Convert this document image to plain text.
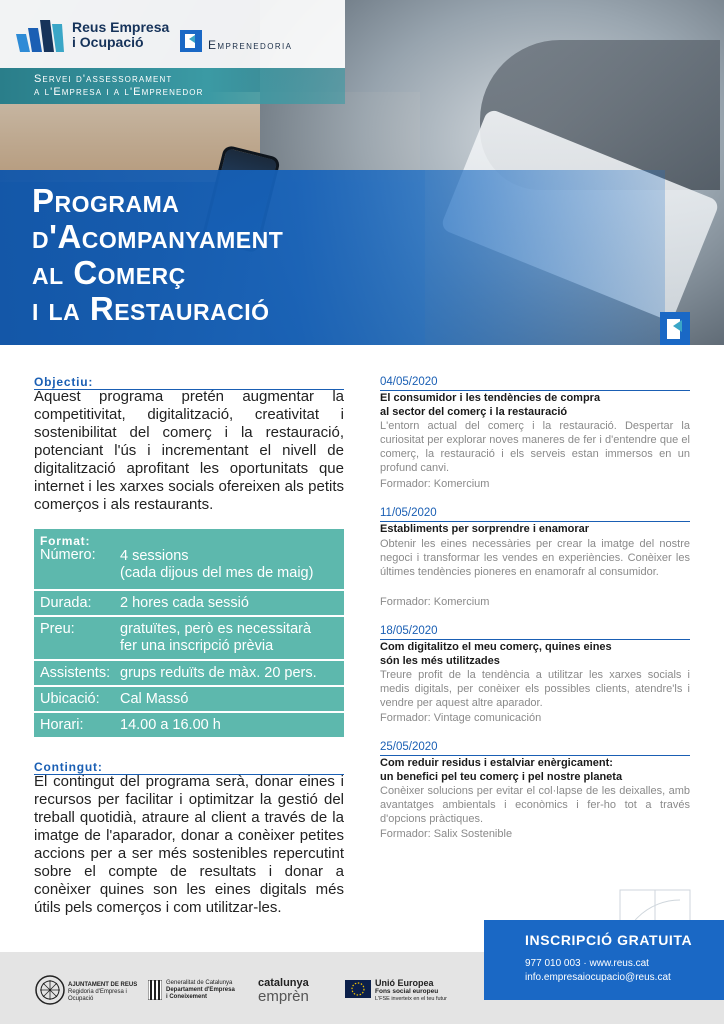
Reus Empresa
i Ocupació	Emprenedoria
Servei d'assessorament
a l'Empresa i a l'Emprenedor
Programa
d'Acompanyament
al Comerç
i la Restauració
Objectiu:
Aquest programa pretén augmentar la competitivitat, digitalització, creativitat i sostenibilitat del comerç i la restauració, potenciant l'ús i incrementant el nivell de digitalització aprofitant les oportunitats que internet i les xarxes socials ofereixen als petits comerços i als restaurants.
Format:
Número: 4 sessions
(cada dijous del mes de maig)
Durada: 2 hores cada sessió
Preu:	gratuïtes, però es necessitarà
fer una inscripció prèvia
Assistents: grups reduïts de màx. 20 pers.
Ubicació: Cal Massó
Horari:	14.00 a 16.00 h
Contingut:
El contingut del programa serà, donar eines i recursos per facilitar i optimitzar la gestió del treball quotidià, atraure al client a través de la imatge de l'aparador, donar a conèixer petites accions per a ser més sostenibles repercutint sobre el compte de resultats i donar a conèixer quines son les eines digitals més útils pels comerços i com utilitzar-les.
04/05/2020
El consumidor i les tendències de compra
al sector del comerç i la restauració
L'entorn actual del comerç i la restauració. Despertar la curiositat per explorar noves maneres de fer i d'entendre que el comerç, la restauració i els serveis estan immersos en un profund canvi.
Formador: Komercium
11/05/2020
Establiments per sorprendre i enamorar
Obtenir les eines necessàries per crear la imatge del nostre negoci i transformar les vendes en experiències. Conèixer les últimes tendències pioneres en enamorafr al consumidor.
Formador: Komercium
18/05/2020
Com digitalitzo el meu comerç, quines eines
són les més utilitzades
Treure profit de la tendència a utilitzar les xarxes socials i medis digitals, per conèixer els possibles clients, atendre'ls i vendre per aquest altre aparador.
Formador: Vintage comunicación
25/05/2020
Com reduir residus i estalviar enèrgicament:
un benefici pel teu comerç i pel nostre planeta
Conèixer solucions per evitar el col·lapse de les deixalles, amb avantatges ambientals i econòmics i fer-ho tot a través d'opcions pràctiques.
Formador: Salix Sostenible
INSCRIPCIÓ GRATUITA
977 010 003 · www.reus.cat
info.empresaiocupacio@reus.cat
AJUNTAMENT DE REUS
Regidoria d'Empresa i
Ocupació
Generalitat de Catalunya
Departament d'Empresa
i Coneixement
catalunya
emprèn
Unió Europea
Fons social europeu
L'FSE inverteix en el teu futur
